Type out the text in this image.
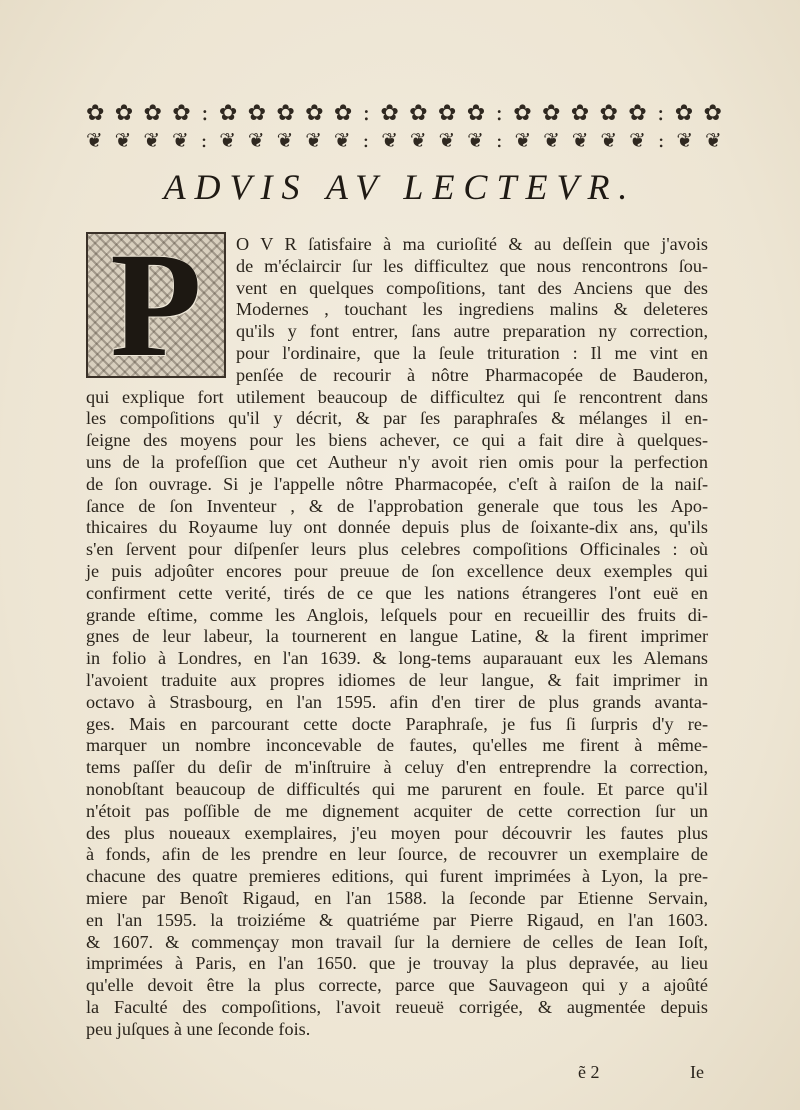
✿ ✿ ✿ ✿ : ✿ ✿ ✿ ✿ ✿ : ✿ ✿ ✿ ✿ : ✿ ✿ ✿ ✿ ✿ : ✿ ✿
❦ ❦ ❦ ❦ : ❦ ❦ ❦ ❦ ❦ : ❦ ❦ ❦ ❦ : ❦ ❦ ❦ ❦ ❦ : ❦ ❦
ADVIS AV LECTEVR.
P	O V R ſatisfaire à ma curioſité & au deſſein que j'avois
de m'éclaircir ſur les difficultez que nous rencontrons ſou-
vent en quelques compoſitions, tant des Anciens que des
Modernes , touchant les ingrediens malins & deleteres
qu'ils y font entrer, ſans autre preparation ny correction,
pour l'ordinaire, que la ſeule trituration : Il me vint en
penſée de recourir à nôtre Pharmacopée de Bauderon,
qui explique fort utilement beaucoup de difficultez qui ſe rencontrent dans
les compoſitions qu'il y décrit, & par ſes paraphraſes & mélanges il en-
ſeigne des moyens pour les biens achever, ce qui a fait dire à quelques-
uns de la profeſſion que cet Autheur n'y avoit rien omis pour la perfection
de ſon ouvrage. Si je l'appelle nôtre Pharmacopée, c'eſt à raiſon de la naiſ-
ſance de ſon Inventeur , & de l'approbation generale que tous les Apo-
thicaires du Royaume luy ont donnée depuis plus de ſoixante-dix ans, qu'ils
s'en ſervent pour diſpenſer leurs plus celebres compoſitions Officinales : où
je puis adjoûter encores pour preuue de ſon excellence deux exemples qui
confirment cette verité, tirés de ce que les nations étrangeres l'ont euë en
grande eſtime, comme les Anglois, leſquels pour en recueillir des fruits di-
gnes de leur labeur, la tournerent en langue Latine, & la firent imprimer
in folio à Londres, en l'an 1639. & long-tems auparauant eux les Alemans
l'avoient traduite aux propres idiomes de leur langue, & fait imprimer in
octavo à Strasbourg, en l'an 1595. afin d'en tirer de plus grands avanta-
ges. Mais en parcourant cette docte Paraphraſe, je fus ſi ſurpris d'y re-
marquer un nombre inconcevable de fautes, qu'elles me firent à même-
tems paſſer du deſir de m'inſtruire à celuy d'en entreprendre la correction,
nonobſtant beaucoup de difficultés qui me parurent en foule. Et parce qu'il
n'étoit pas poſſible de me dignement acquiter de cette correction ſur un
des plus noueaux exemplaires, j'eu moyen pour découvrir les fautes plus
à fonds, afin de les prendre en leur ſource, de recouvrer un exemplaire de
chacune des quatre premieres editions, qui furent imprimées à Lyon, la pre-
miere par Benoît Rigaud, en l'an 1588. la ſeconde par Etienne Servain,
en l'an 1595. la troiziéme & quatriéme par Pierre Rigaud, en l'an 1603.
& 1607. & commençay mon travail ſur la derniere de celles de Iean Ioſt,
imprimées à Paris, en l'an 1650. que je trouvay la plus depravée, au lieu
qu'elle devoit être la plus correcte, parce que Sauvageon qui y a ajoûté
la Faculté des compoſitions, l'avoit reueuë corrigée, & augmentée depuis
peu juſques à une ſeconde fois.
ẽ 2	Ie
